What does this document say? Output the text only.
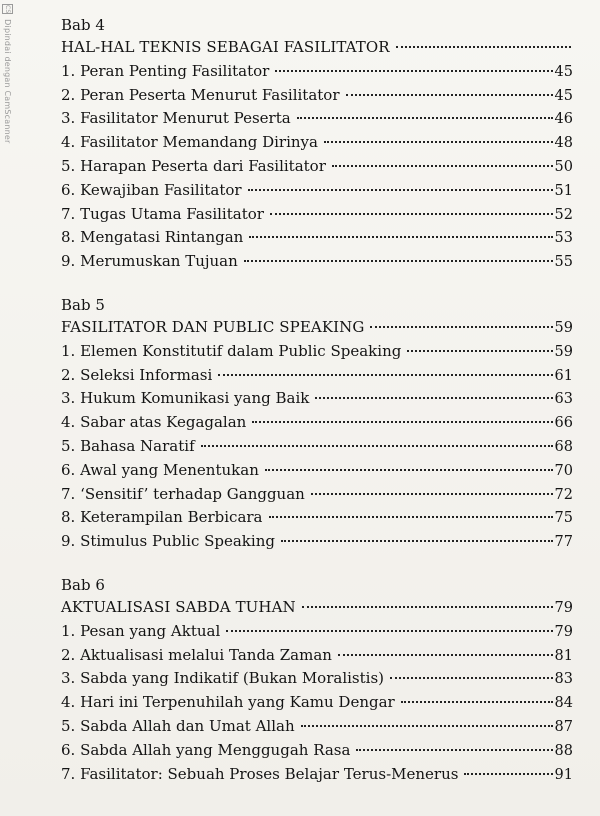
CS Dipindai dengan CamScanner	Bab 4
HAL-HAL TEKNIS SEBAGAI FASILITATOR
1. Peran Penting Fasilitator	45
2. Peran Peserta Menurut Fasilitator	45
3. Fasilitator Menurut Peserta	46
4. Fasilitator Memandang Dirinya	48
5. Harapan Peserta dari Fasilitator	50
6. Kewajiban Fasilitator	51
7. Tugas Utama Fasilitator	52
8. Mengatasi Rintangan	53
9. Merumuskan Tujuan	55
Bab 5
FASILITATOR DAN PUBLIC SPEAKING	59
1. Elemen Konstitutif dalam Public Speaking	59
2. Seleksi Informasi	61
3. Hukum Komunikasi yang Baik	63
4. Sabar atas Kegagalan	66
5. Bahasa Naratif	68
6. Awal yang Menentukan	70
7. ‘Sensitif’ terhadap Gangguan	72
8. Keterampilan Berbicara	75
9. Stimulus Public Speaking	77
Bab 6
AKTUALISASI SABDA TUHAN	79
1. Pesan yang Aktual	79
2. Aktualisasi melalui Tanda Zaman	81
3. Sabda yang Indikatif (Bukan Moralistis)	83
4. Hari ini Terpenuhilah yang Kamu Dengar	84
5. Sabda Allah dan Umat Allah	87
6. Sabda Allah yang Menggugah Rasa	88
7. Fasilitator: Sebuah Proses Belajar Terus-Menerus	91
